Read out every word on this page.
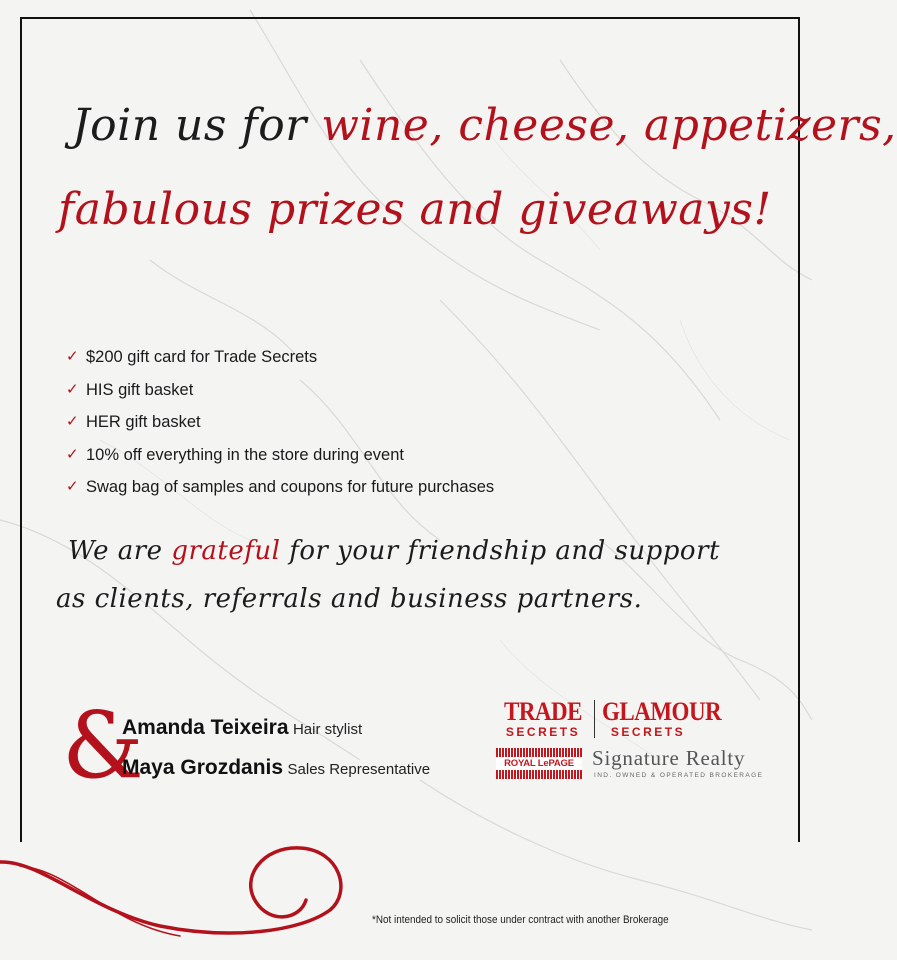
Join us for wine, cheese, appetizers,
fabulous prizes and giveaways!
✓ $200 gift card for Trade Secrets
✓ HIS gift basket
✓ HER gift basket
✓ 10% off everything in the store during event
✓ Swag bag of samples and coupons for future purchases
We are grateful for your friendship and support
as clients, referrals and business partners.
&
Amanda Teixeira Hair stylist
Maya Grozdanis Sales Representative
TRADE
SECRETS
GLAMOUR
SECRETS
ROYAL LePAGE Signature Realty
IND. OWNED & OPERATED BROKERAGE
*Not intended to solicit those under contract with another Brokerage
